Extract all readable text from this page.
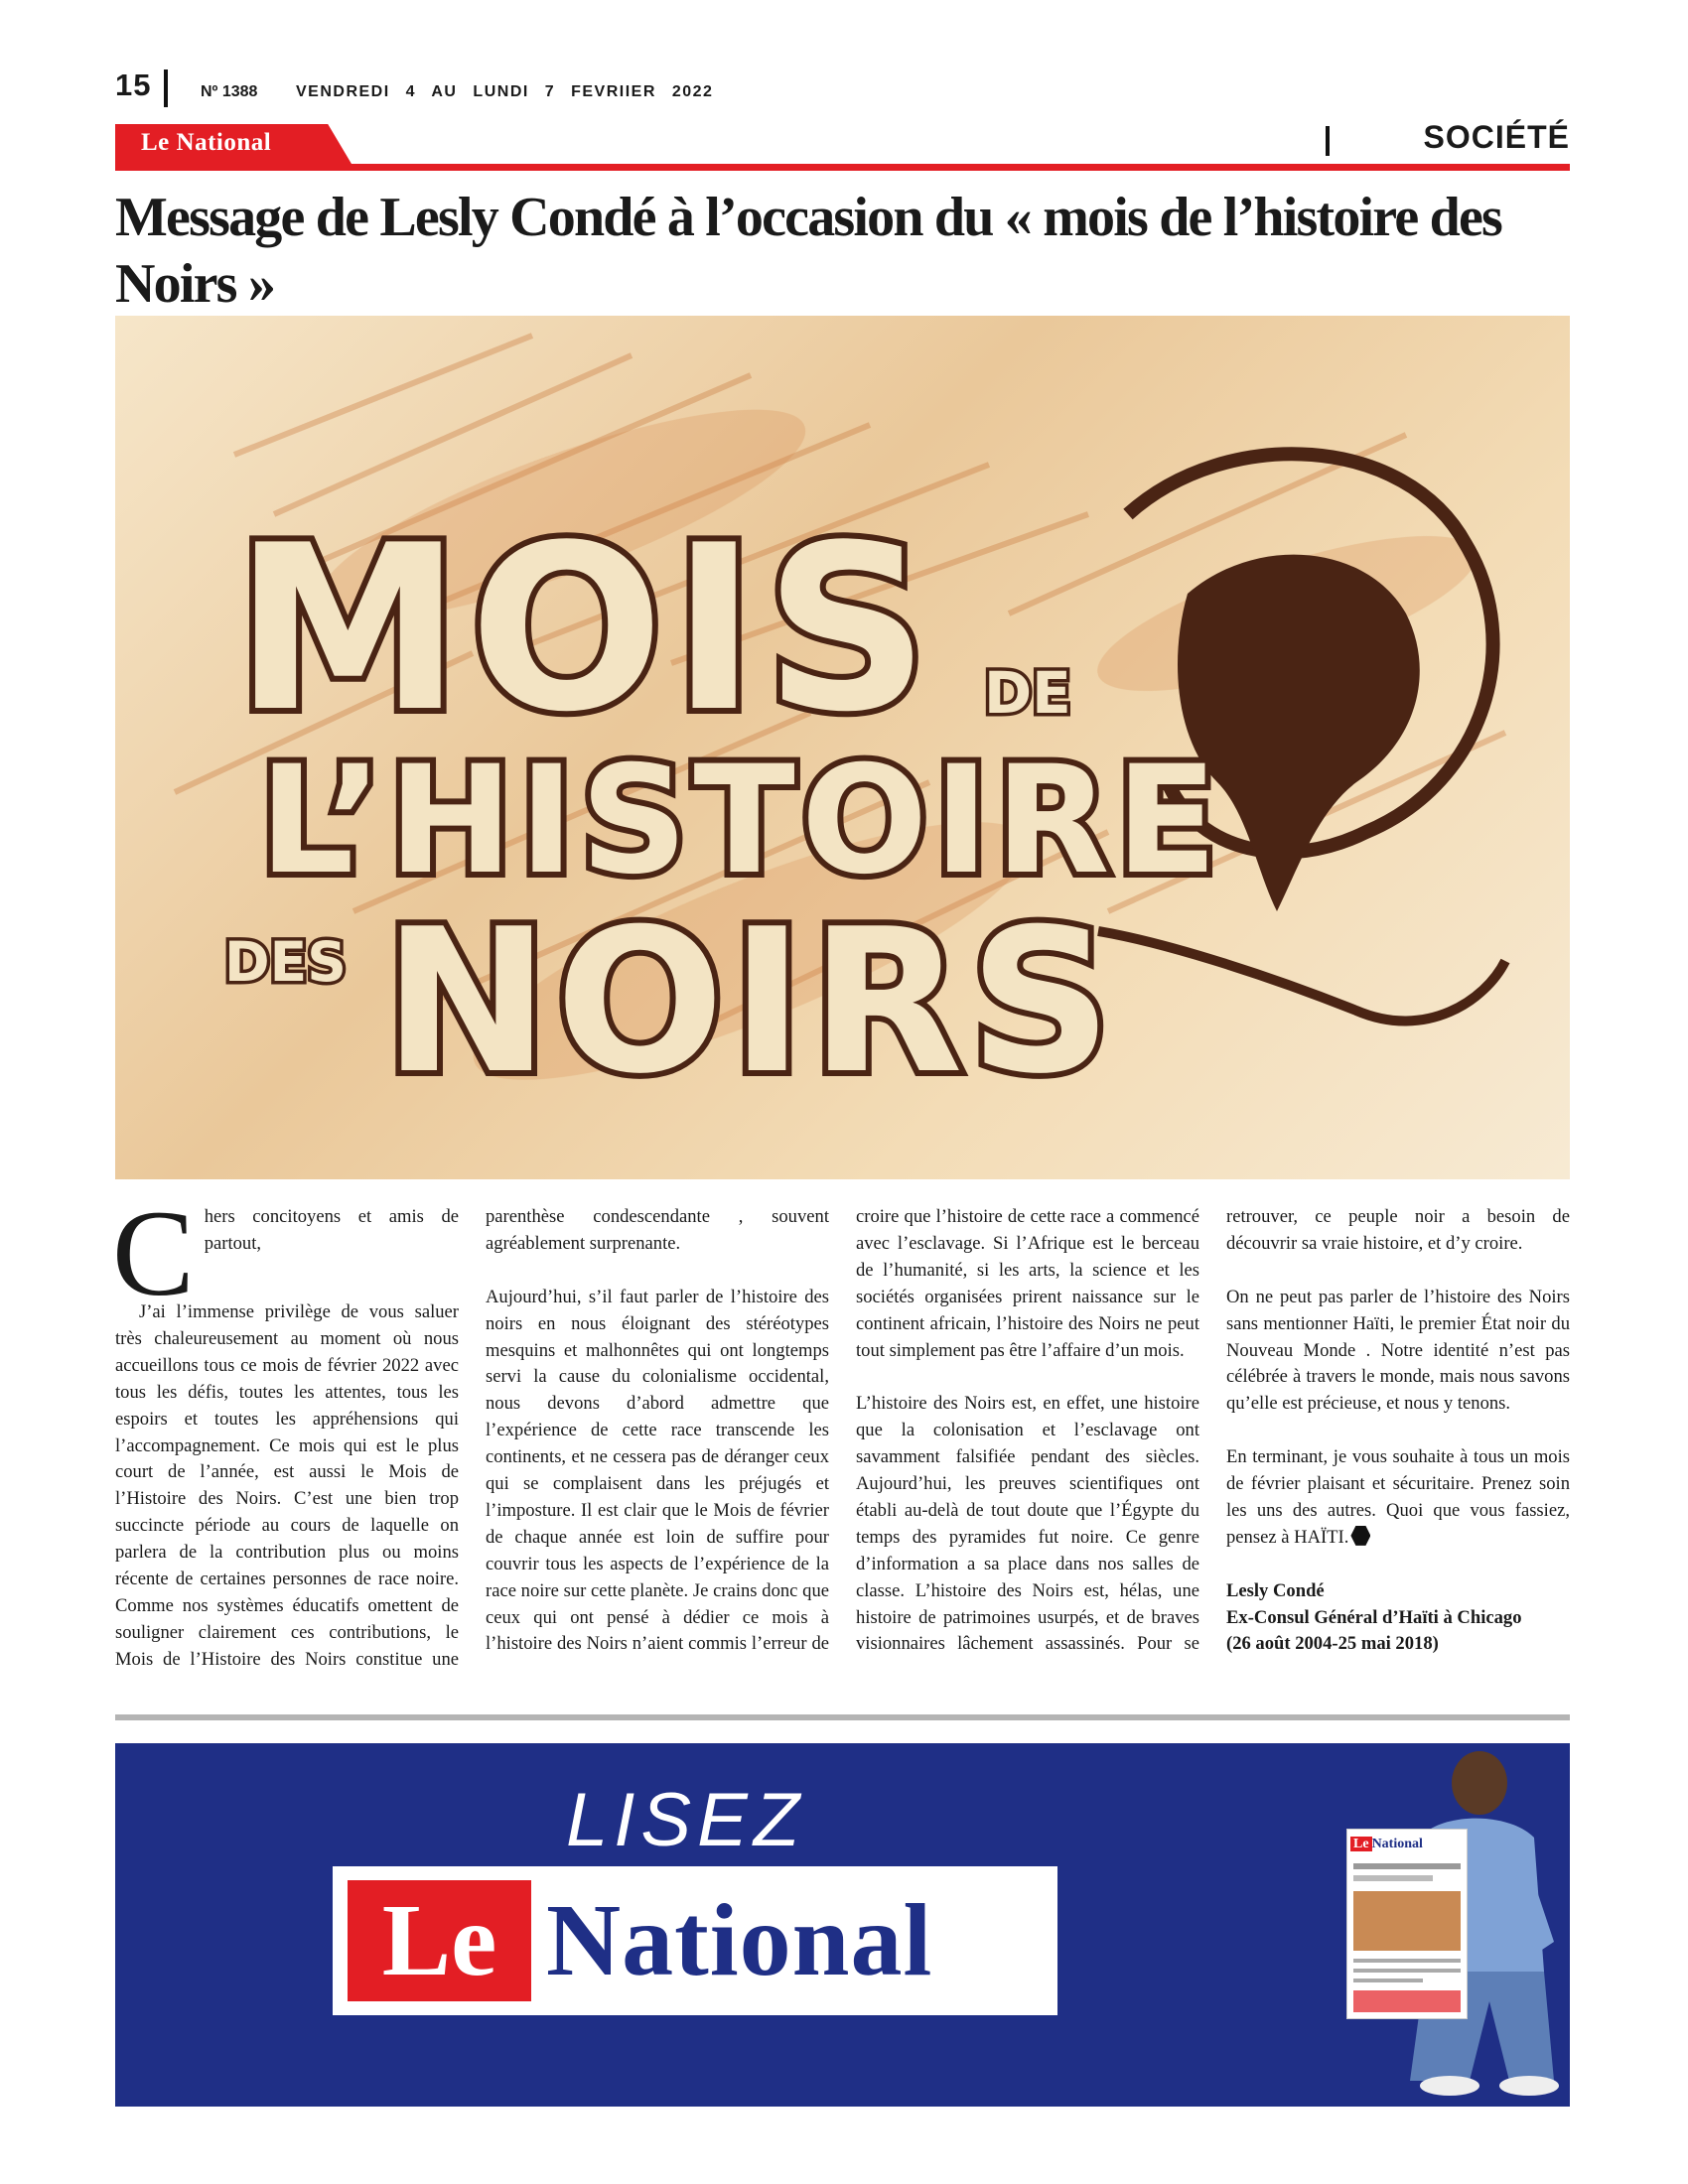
15	Nº 1388 VENDREDI 4 AU LUNDI 7 FEVRIIER 2022
Le National	SOCIÉTÉ
Message de Lesly Condé à l’occasion du « mois de l’histoire des Noirs »
MOIS DE
L’HISTOIRE
DES NOIRS

Chers concitoyens et amis de partout,

J’ai l’immense privilège de vous saluer très chaleureusement au moment où nous accueillons tous ce mois de février 2022 avec tous les défis, toutes les attentes, tous les espoirs et toutes les appréhensions qui l’accompagnement. Ce mois qui est le plus court de l’année, est aussi le Mois de l’Histoire des Noirs. C’est une bien trop succincte période au cours de laquelle on parlera de la contribution plus ou moins récente de certaines personnes de race noire. Comme nos systèmes éducatifs omettent de souligner clairement ces contributions, le Mois de l’Histoire des Noirs constitue une parenthèse condescendante , souvent agréablement surprenante.

Aujourd’hui, s’il faut parler de l’histoire des noirs en nous éloignant des stéréotypes mesquins et malhonnêtes qui ont longtemps servi la cause du colonialisme occidental, nous devons d’abord admettre que l’expérience de cette race transcende les continents, et ne cessera pas de déranger ceux qui se complaisent dans les préjugés et l’imposture. Il est clair que le Mois de février de chaque année est loin de suffire pour couvrir tous les aspects de l’expérience de la race noire sur cette planète. Je crains donc que ceux qui ont pensé à dédier ce mois à l’histoire des Noirs n’aient commis l’erreur de croire que l’histoire de cette race a commencé avec l’esclavage. Si l’Afrique est le berceau de l’humanité, si les arts, la science et les sociétés organisées prirent naissance sur le continent africain, l’histoire des Noirs ne peut tout simplement pas être l’affaire d’un mois.

L’histoire des Noirs est, en effet, une histoire que la colonisation et l’esclavage ont savamment falsifiée pendant des siècles. Aujourd’hui, les preuves scientifiques ont établi au-delà de tout doute que l’Égypte du temps des pyramides fut noire. Ce genre d’information a sa place dans nos salles de classe. L’histoire des Noirs est, hélas, une histoire de patrimoines usurpés, et de braves visionnaires lâchement assassinés. Pour se retrouver, ce peuple noir a besoin de découvrir sa vraie histoire, et d’y croire.

On ne peut pas parler de l’histoire des Noirs sans mentionner Haïti, le premier État noir du Nouveau Monde . Notre identité n’est pas célébrée à travers le monde, mais nous savons qu’elle est précieuse, et nous y tenons.

En terminant, je vous souhaite à tous un mois de février plaisant et sécuritaire. Prenez soin les uns des autres. Quoi que vous fassiez, pensez à HAÏTI.

Lesly Condé
Ex-Consul Général d’Haïti à Chicago
(26 août 2004-25 mai 2018)
LISEZ
Le National
Le National
